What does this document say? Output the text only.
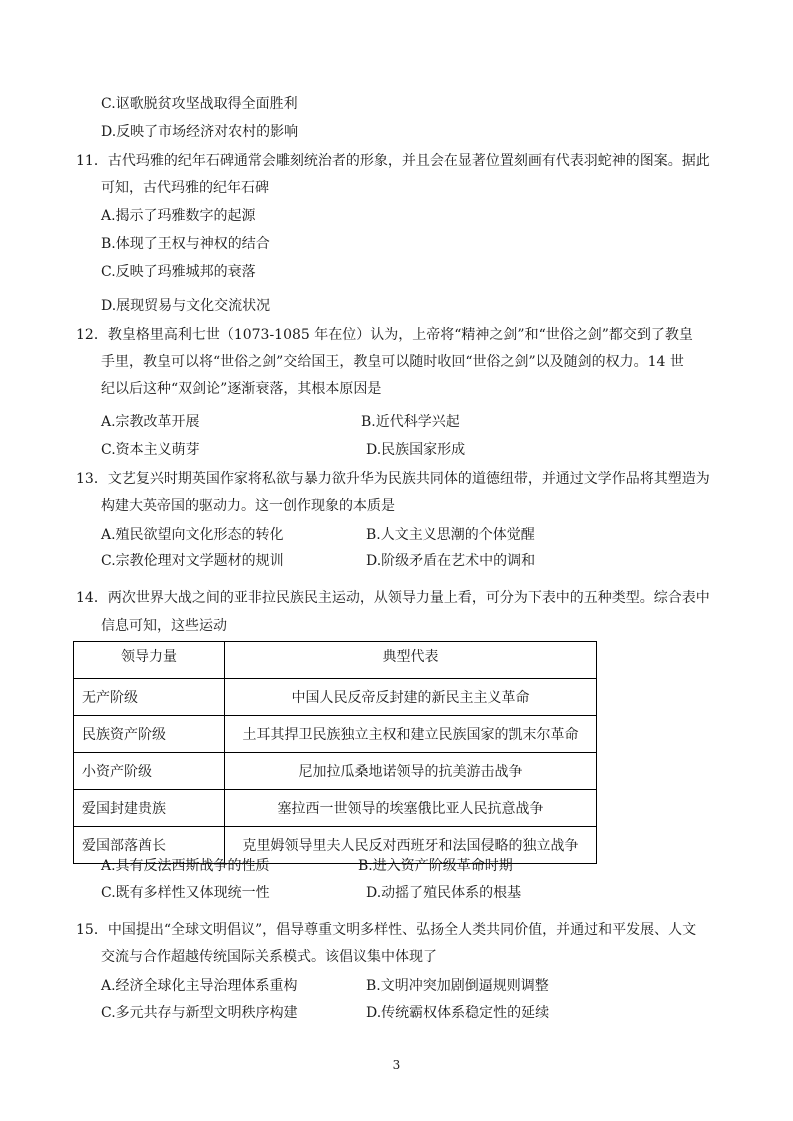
C.讴歌脱贫攻坚战取得全面胜利
D.反映了市场经济对农村的影响
11．古代玛雅的纪年石碑通常会雕刻统治者的形象，并且会在显著位置刻画有代表羽蛇神的图案。据此
可知，古代玛雅的纪年石碑
A.揭示了玛雅数字的起源
B.体现了王权与神权的结合
C.反映了玛雅城邦的衰落
D.展现贸易与文化交流状况
12．教皇格里高利七世（1073-1085 年在位）认为，上帝将“精神之剑”和“世俗之剑”都交到了教皇
手里，教皇可以将“世俗之剑”交给国王，教皇可以随时收回“世俗之剑”以及随剑的权力。14 世
纪以后这种“双剑论”逐渐衰落，其根本原因是
A.宗教改革开展	B.近代科学兴起
C.资本主义萌芽	D.民族国家形成
13．文艺复兴时期英国作家将私欲与暴力欲升华为民族共同体的道德纽带，并通过文学作品将其塑造为
构建大英帝国的驱动力。这一创作现象的本质是
A.殖民欲望向文化形态的转化	B.人文主义思潮的个体觉醒
C.宗教伦理对文学题材的规训	D.阶级矛盾在艺术中的调和
14．两次世界大战之间的亚非拉民族民主运动，从领导力量上看，可分为下表中的五种类型。综合表中
信息可知，这些运动
领导力量	典型代表
无产阶级	中国人民反帝反封建的新民主主义革命
民族资产阶级	土耳其捍卫民族独立主权和建立民族国家的凯末尔革命
小资产阶级	尼加拉瓜桑地诺领导的抗美游击战争
爱国封建贵族	塞拉西一世领导的埃塞俄比亚人民抗意战争
爱国部落酋长	克里姆领导里夫人民反对西班牙和法国侵略的独立战争
A.具有反法西斯战争的性质	B.进入资产阶级革命时期
C.既有多样性又体现统一性	D.动摇了殖民体系的根基
15．中国提出“全球文明倡议”，倡导尊重文明多样性、弘扬全人类共同价值，并通过和平发展、人文
交流与合作超越传统国际关系模式。该倡议集中体现了
A.经济全球化主导治理体系重构	B.文明冲突加剧倒逼规则调整
C.多元共存与新型文明秩序构建	D.传统霸权体系稳定性的延续
3
